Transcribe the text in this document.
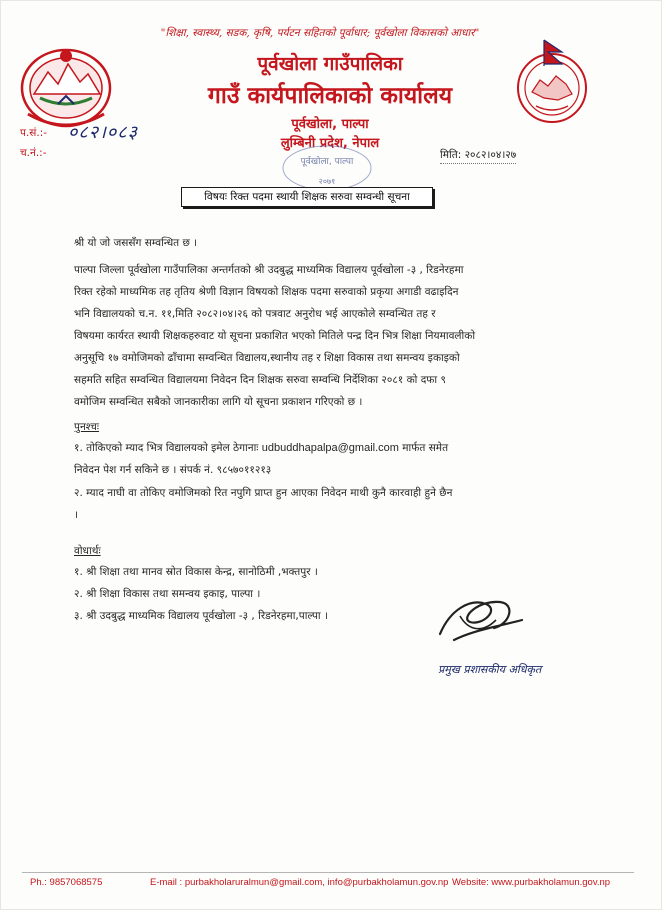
"शिक्षा, स्वास्थ्य, सडक, कृषि, पर्यटन सहितको पूर्वाधार; पूर्वखोला विकासको आधार"
पूर्वखोला गाउँपालिका
गाउँ कार्यपालिकाको कार्यालय
पूर्वखोला, पाल्पा
लुम्बिनी प्रदेश, नेपाल
पूर्वखोला, पाल्पा
२०७१
प.सं.:- ०८२।०८३
च.नं.:-	मिति: २०८२।०४।२७
विषयः रिक्त पदमा स्थायी शिक्षक सरुवा सम्वन्धी सूचना
श्री यो जो जससँग सम्वन्धित छ ।
पाल्पा जिल्ला पूर्वखोला गाउँपालिका अन्तर्गतको श्री उदबुद्ध माध्यमिक विद्यालय पूर्वखोला -३ , रिडनेरहमा
रिक्त रहेको माध्यमिक तह तृतिय श्रेणी विज्ञान विषयको शिक्षक पदमा सरुवाको प्रकृया अगाडी वढाइदिन
भनि विद्यालयको च.न. ११,मिति २०८२।०४।२६ को पत्रवाट अनुरोध भई आएकोले सम्वन्धित तह र
विषयमा कार्यरत स्थायी शिक्षकहरुवाट यो सूचना प्रकाशित भएको मितिले पन्द्र दिन भित्र शिक्षा नियमावलीको
अनुसूचि १७ वमोजिमको ढाँचामा सम्वन्धित विद्यालय,स्थानीय तह र शिक्षा विकास तथा समन्वय इकाइको
सहमति सहित सम्वन्धित विद्यालयमा निवेदन दिन शिक्षक सरुवा सम्वन्धि निर्देशिका २०८१ को दफा ९
वमोजिम सम्वन्धित सबैको जानकारीका लागि यो सूचना प्रकाशन गरिएको छ ।
पुनश्चः
१. तोकिएको म्याद भित्र विद्यालयको इमेल ठेगानाः udbuddhapalpa@gmail.com मार्फत समेत
निवेदन पेश गर्न सकिने छ । संपर्क नं. ९८५७०११२१३
२. म्याद नाघी वा तोकिए वमोजिमको रित नपुगि प्राप्त हुन आएका निवेदन माथी कुनै कारवाही हुने छैन
।
वोधार्थः
१. श्री शिक्षा तथा मानव स्रोत विकास केन्द्र, सानोठिमी ,भक्तपुर ।
२. श्री शिक्षा विकास तथा समन्वय इकाइ, पाल्पा ।
३. श्री उदबुद्ध माध्यमिक विद्यालय पूर्वखोला -३ , रिडनेरहमा,पाल्पा ।
प्रमुख प्रशासकीय अधिकृत
Ph.: 9857068575	E-mail : purbakholaruralmun@gmail.com, info@purbakholamun.gov.np Website: www.purbakholamun.gov.np
